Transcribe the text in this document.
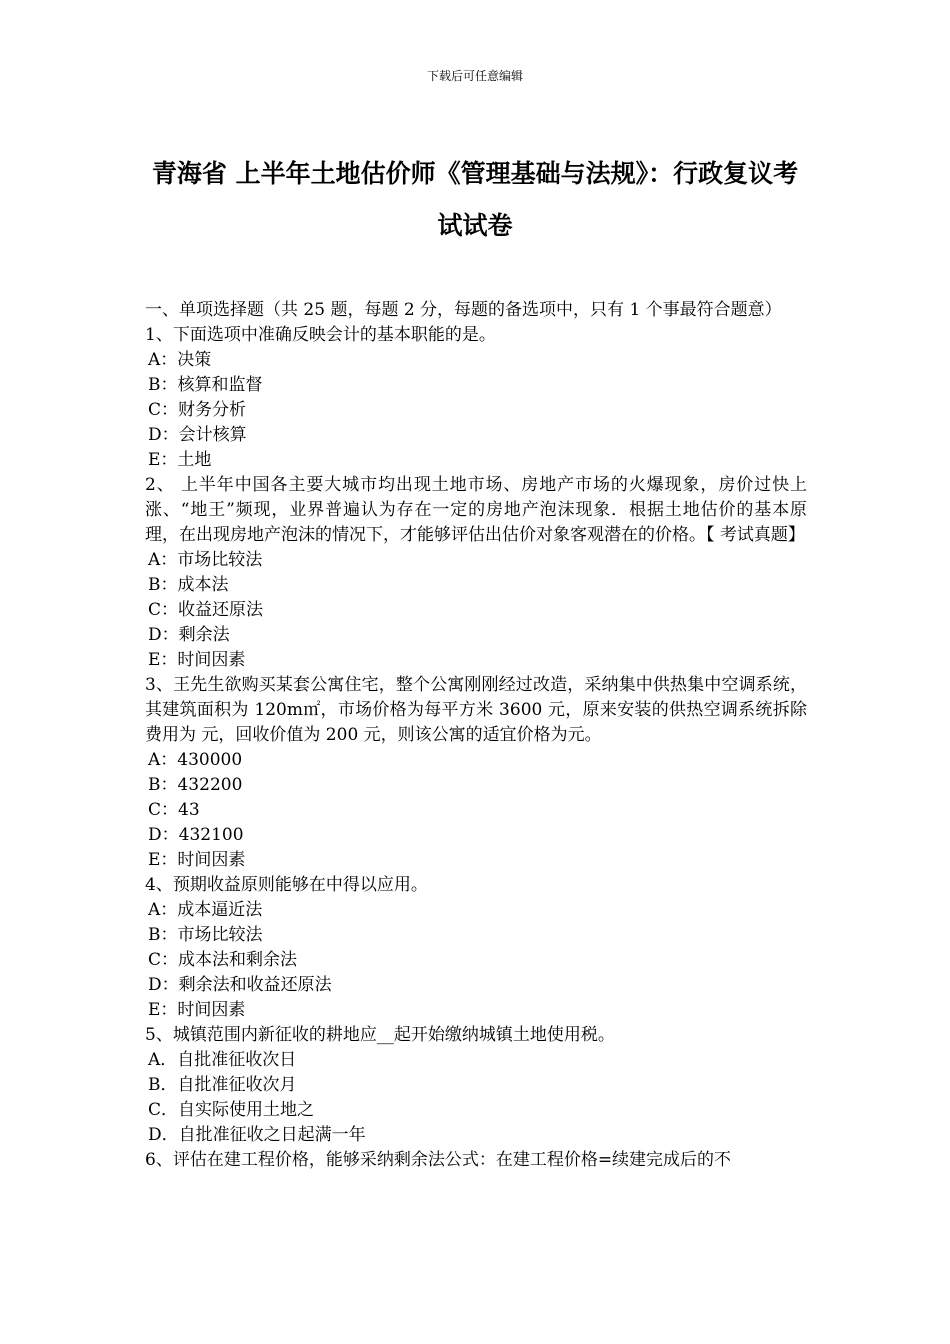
下载后可任意编辑
青海省 上半年土地估价师《管理基础与法规》：行政复议考试试卷

一、单项选择题（共 25 题，每题 2 分，每题的备选项中，只有 1 个事最符合题意）

1、下面选项中准确反映会计的基本职能的是。

A：决策

B：核算和监督

C：财务分析

D：会计核算

E：土地

2、 上半年中国各主要大城市均出现土地市场、房地产市场的火爆现象，房价过快上涨、“地王”频现，业界普遍认为存在一定的房地产泡沫现象．根据土地估价的基本原理，在出现房地产泡沫的情况下，才能够评估出估价对象客观潜在的价格。【 考试真题】

A：市场比较法

B：成本法

C：收益还原法

D：剩余法

E：时间因素

3、王先生欲购买某套公寓住宅，整个公寓刚刚经过改造，采纳集中供热集中空调系统，其建筑面积为 120m㎡，市场价格为每平方米 3600 元，原来安装的供热空调系统拆除费用为 元，回收价值为 200 元，则该公寓的适宜价格为元。

A：430000

B：432200

C：43

D：432100

E：时间因素

4、预期收益原则能够在中得以应用。

A：成本逼近法

B：市场比较法

C：成本法和剩余法

D：剩余法和收益还原法

E：时间因素

5、城镇范围内新征收的耕地应__起开始缴纳城镇土地使用税。

A．自批准征收次日

B．自批准征收次月

C．自实际使用土地之

D．自批准征收之日起满一年

6、评估在建工程价格，能够采纳剩余法公式：在建工程价格=续建完成后的不
